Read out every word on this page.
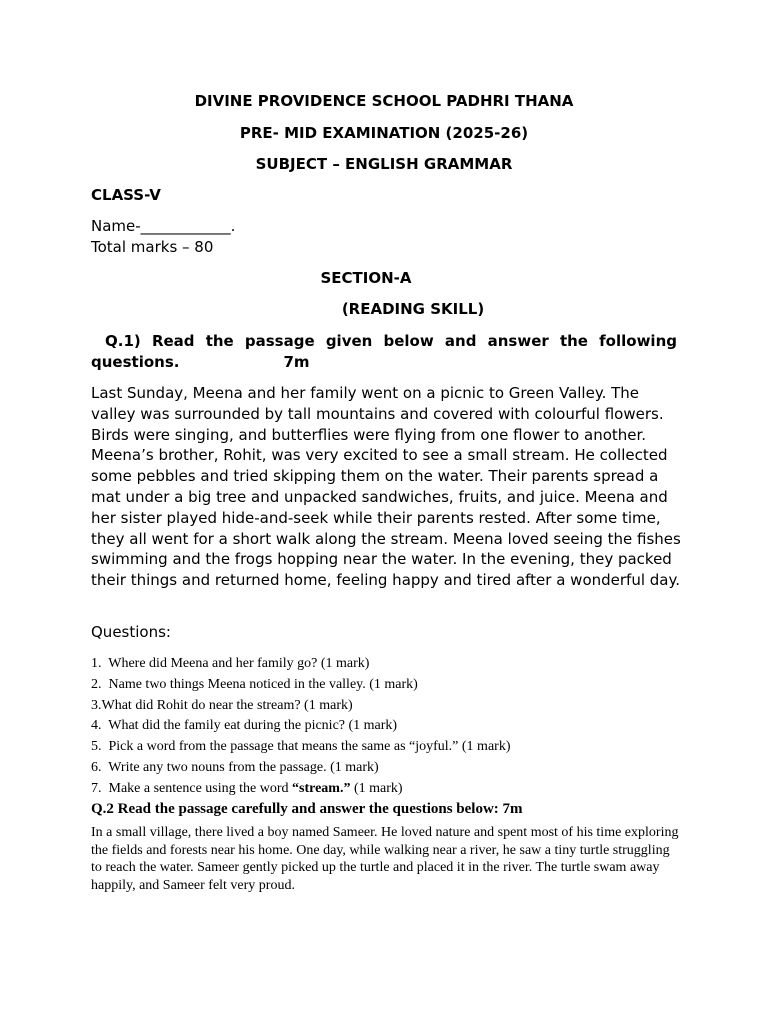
DIVINE PROVIDENCE SCHOOL PADHRI THANA
PRE- MID EXAMINATION (2025-26)
SUBJECT – ENGLISH GRAMMAR
CLASS-V
Name-____________.
Total marks – 80
SECTION-A
(READING SKILL)
Q.1) Read the passage given below and answer the following questions.	7m
Last Sunday, Meena and her family went on a picnic to Green Valley. The valley was surrounded by tall mountains and covered with colourful flowers. Birds were singing, and butterflies were flying from one flower to another. Meena’s brother, Rohit, was very excited to see a small stream. He collected some pebbles and tried skipping them on the water. Their parents spread a mat under a big tree and unpacked sandwiches, fruits, and juice. Meena and her sister played hide-and-seek while their parents rested. After some time, they all went for a short walk along the stream. Meena loved seeing the fishes swimming and the frogs hopping near the water. In the evening, they packed their things and returned home, feeling happy and tired after a wonderful day.
Questions:
1. Where did Meena and her family go? (1 mark)
2. Name two things Meena noticed in the valley. (1 mark)
3.What did Rohit do near the stream? (1 mark)
4. What did the family eat during the picnic? (1 mark)
5. Pick a word from the passage that means the same as “joyful.” (1 mark)
6. Write any two nouns from the passage. (1 mark)
7. Make a sentence using the word “stream.” (1 mark)
Q.2 Read the passage carefully and answer the questions below: 7m
In a small village, there lived a boy named Sameer. He loved nature and spent most of his time exploring the fields and forests near his home. One day, while walking near a river, he saw a tiny turtle struggling to reach the water. Sameer gently picked up the turtle and placed it in the river. The turtle swam away happily, and Sameer felt very proud.
